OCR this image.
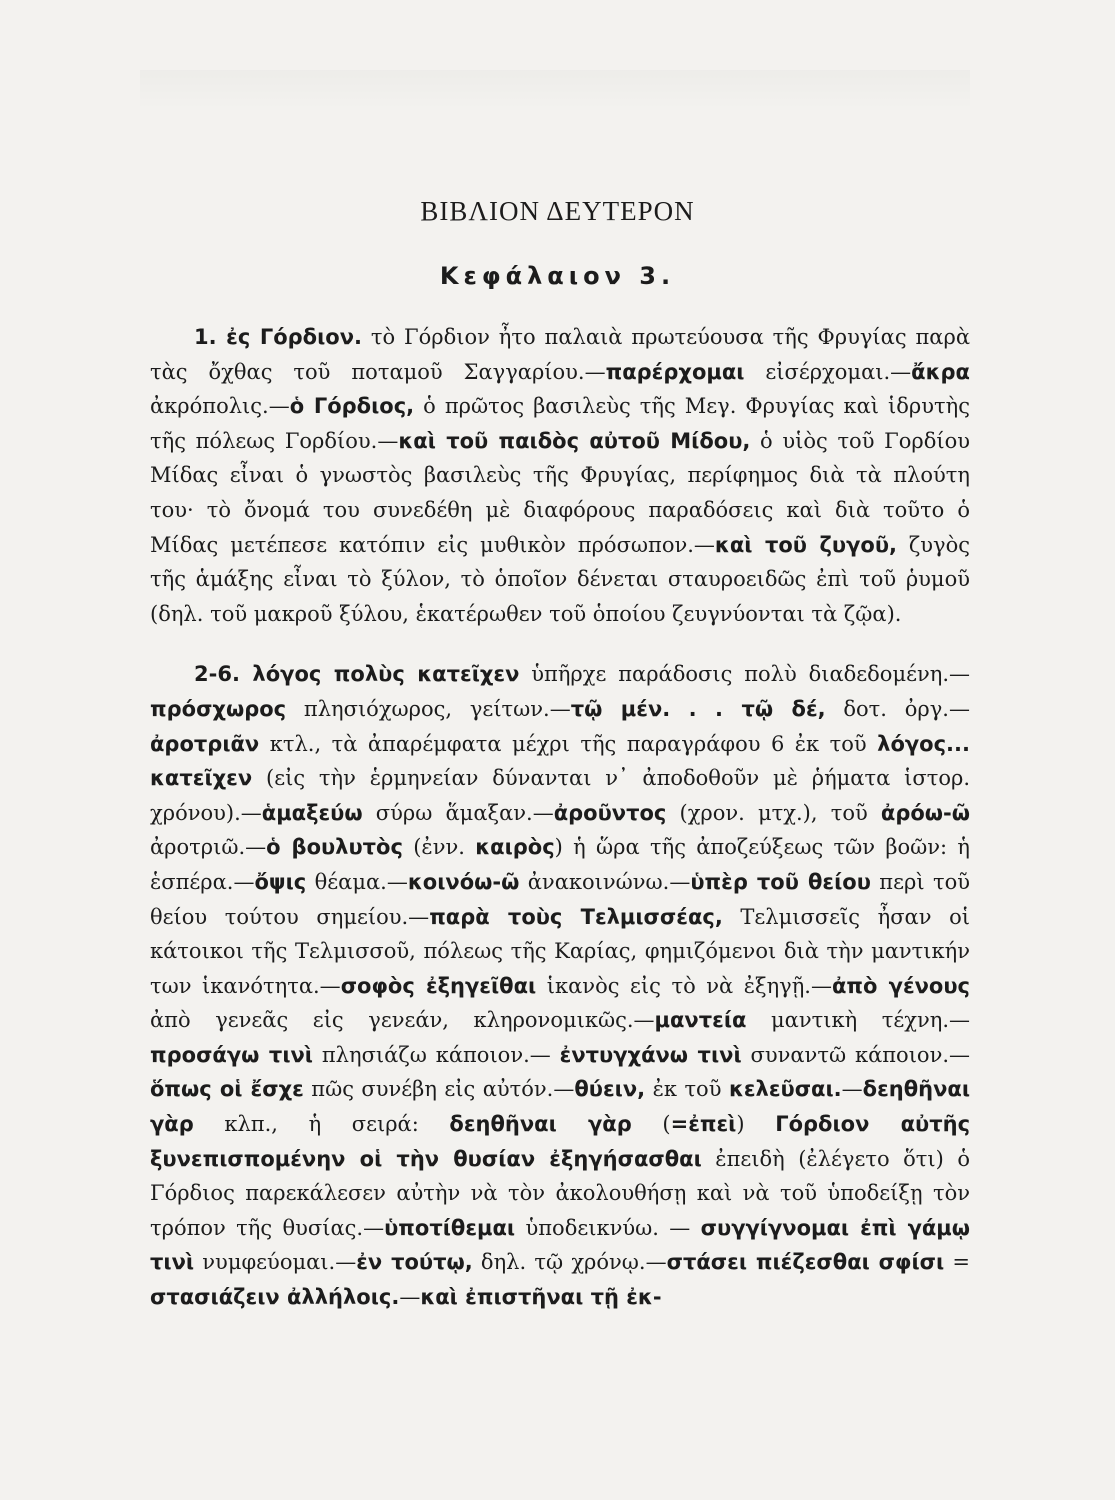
ΒΙΒΛΙΟΝ ΔΕΥΤΕΡΟΝ
Κεφάλαιον 3.

1. ἐς Γόρδιον. τὸ Γόρδιον ἦτο παλαιὰ πρωτεύουσα τῆς Φρυγίας παρὰ τὰς ὄχθας τοῦ ποταμοῦ Σαγγαρίου.—παρέρχομαι εἰσέρχομαι.—ἄκρα ἀκρόπολις.—ὁ Γόρδιος, ὁ πρῶτος βασιλεὺς τῆς Μεγ. Φρυγίας καὶ ἱδρυτὴς τῆς πόλεως Γορδίου.—καὶ τοῦ παιδὸς αὐτοῦ Μίδου, ὁ υἱὸς τοῦ Γορδίου Μίδας εἶναι ὁ γνωστὸς βασιλεὺς τῆς Φρυγίας, περίφημος διὰ τὰ πλούτη του· τὸ ὄνομά του συνεδέθη μὲ διαφόρους παραδόσεις καὶ διὰ τοῦτο ὁ Μίδας μετέπεσε κατόπιν εἰς μυθικὸν πρόσωπον.—καὶ τοῦ ζυγοῦ, ζυγὸς τῆς ἁμάξης εἶναι τὸ ξύλον, τὸ ὁποῖον δένεται σταυροειδῶς ἐπὶ τοῦ ῥυμοῦ (δηλ. τοῦ μακροῦ ξύλου, ἑκατέρωθεν τοῦ ὁποίου ζευγνύονται τὰ ζῷα).

2-6. λόγος πολὺς κατεῖχεν ὑπῆρχε παράδοσις πολὺ διαδεδομένη.—πρόσχωρος πλησιόχωρος, γείτων.—τῷ μέν. . . τῷ δέ, δοτ. ὀργ.—ἀροτριᾶν κτλ., τὰ ἀπαρέμφατα μέχρι τῆς παραγράφου 6 ἐκ τοῦ λόγος... κατεῖχεν (εἰς τὴν ἑρμηνείαν δύνανται ν᾽ ἀποδοθοῦν μὲ ῥήματα ἱστορ. χρόνου).—ἁμαξεύω σύρω ἅμαξαν.—ἀροῦντος (χρον. μτχ.), τοῦ ἀρόω-ῶ ἀροτριῶ.—ὁ βουλυτὸς (ἐνν. καιρὸς) ἡ ὥρα τῆς ἀποζεύξεως τῶν βοῶν: ἡ ἑσπέρα.—ὄψις θέαμα.—κοινόω-ῶ ἀνακοινώνω.—ὑπὲρ τοῦ θείου περὶ τοῦ θείου τούτου σημείου.—παρὰ τοὺς Τελμισσέας, Τελμισσεῖς ἦσαν οἱ κάτοικοι τῆς Τελμισσοῦ, πόλεως τῆς Καρίας, φημιζόμενοι διὰ τὴν μαντικήν των ἱκανότητα.—σοφὸς ἐξηγεῖθαι ἱκανὸς εἰς τὸ νὰ ἐξηγῇ.—ἀπὸ γένους ἀπὸ γενεᾶς εἰς γενεάν, κληρονομικῶς.—μαντεία μαντικὴ τέχνη.—προσάγω τινὶ πλησιάζω κάποιον.— ἐντυγχάνω τινὶ συναντῶ κάποιον.— ὅπως οἱ ἔσχε πῶς συνέβη εἰς αὐτόν.—θύειν, ἐκ τοῦ κελεῦσαι.—δεηθῆναι γὰρ κλπ., ἡ σειρά: δεηθῆναι γὰρ (=ἐπεὶ) Γόρδιον αὐτῆς ξυνεπισπομένην οἱ τὴν θυσίαν ἐξηγήσασθαι ἐπειδὴ (ἐλέγετο ὅτι) ὁ Γόρδιος παρεκάλεσεν αὐτὴν νὰ τὸν ἀκολουθήσῃ καὶ νὰ τοῦ ὑποδείξῃ τὸν τρόπον τῆς θυσίας.—ὑποτίθεμαι ὑποδεικνύω. — συγγίγνομαι ἐπὶ γάμῳ τινὶ νυμφεύομαι.—ἐν τούτῳ, δηλ. τῷ χρόνῳ.—στάσει πιέζεσθαι σφίσι = στασιάζειν ἀλλήλοις.—καὶ ἐπιστῆναι τῇ ἐκ-
